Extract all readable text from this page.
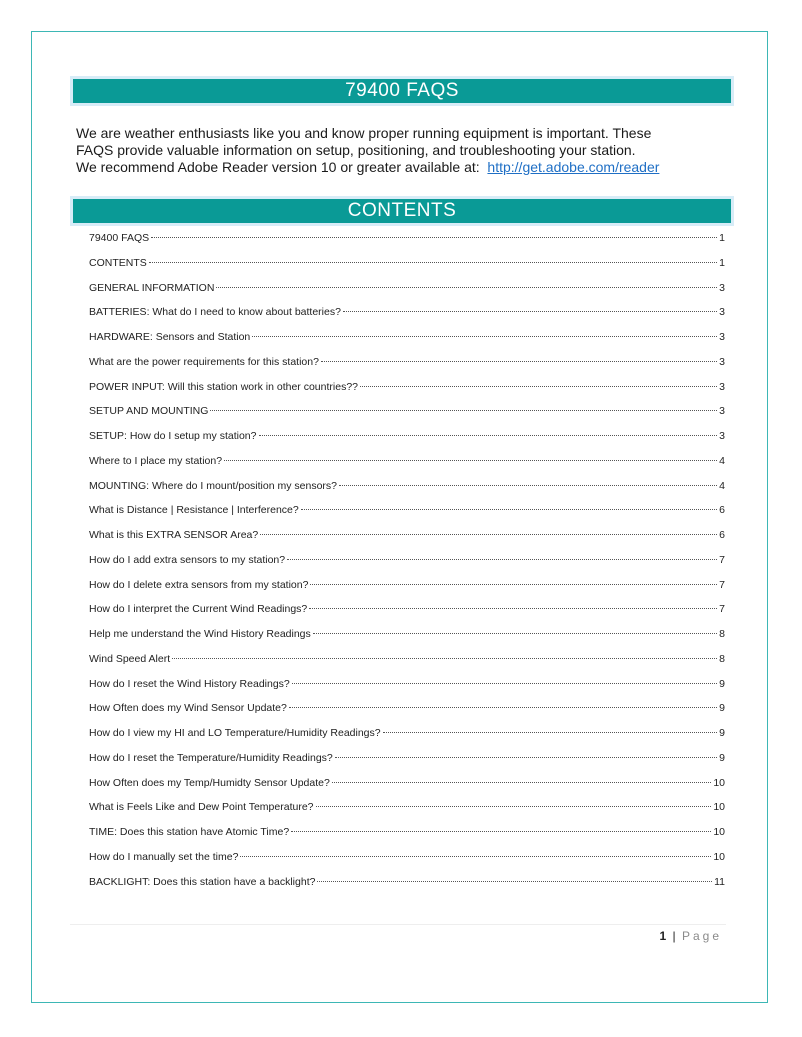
79400 FAQS
We are weather enthusiasts like you and know proper running equipment is important. These
FAQS provide valuable information on setup, positioning, and troubleshooting your station.
We recommend Adobe Reader version 10 or greater available at:  http://get.adobe.com/reader
CONTENTS
79400 FAQS	1
CONTENTS	1
GENERAL INFORMATION	3
BATTERIES: What do I need to know about batteries?	3
HARDWARE: Sensors and Station	3
What are the power requirements for this station?	3
POWER INPUT: Will this station work in other countries??	3
SETUP AND MOUNTING	3
SETUP: How do I setup my station?	3
Where to I place my station?	4
MOUNTING: Where do I mount/position my sensors?	4
What is Distance | Resistance | Interference?	6
What is this EXTRA SENSOR Area?	6
How do I add extra sensors to my station?	7
How do I delete extra sensors from my station?	7
How do I interpret the Current Wind Readings?	7
Help me understand the Wind History Readings	8
Wind Speed Alert	8
How do I reset the Wind History Readings?	9
How Often does my Wind Sensor Update?	9
How do I view my HI and LO Temperature/Humidity Readings?	9
How do I reset the Temperature/Humidity Readings?	9
How Often does my Temp/Humidty Sensor Update?	10
What is Feels Like and Dew Point Temperature?	10
TIME: Does this station have Atomic Time?	10
How do I manually set the time?	10
BACKLIGHT: Does this station have a backlight?	11
1 | Page
